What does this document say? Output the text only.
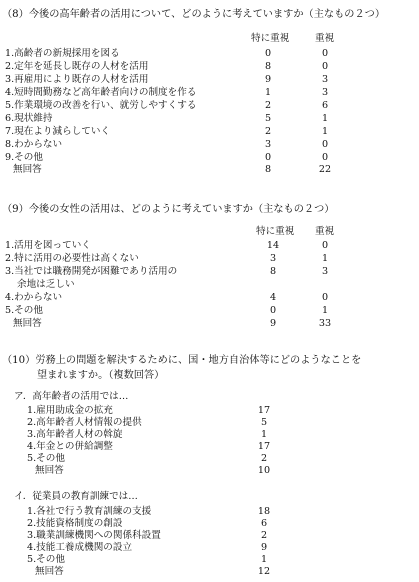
（8）今後の高年齢者の活用について、どのように考えていますか（主なもの２つ）
特に重視	重視
1.高齢者の新規採用を図る	0	0
2.定年を延長し既存の人材を活用	8	0
3.再雇用により既存の人材を活用	9	3
4.短時間勤務など高年齢者向けの制度を作る	1	3
5.作業環境の改善を行い、就労しやすくする	2	6
6.現状維持	5	1
7.現在より減らしていく	2	1
8.わからない	3	0
9.その他	0	0
無回答	8	22
（9）今後の女性の活用は、どのように考えていますか（主なもの２つ）
特に重視 重視
1.活用を図っていく	14	0
2.特に活用の必要性は高くない	3	1
3.当社では職務開発が困難であり活用の
余地は乏しい
8	3
4.わからない	4	0
5.その他	0	1
無回答	9	33
（10）労務上の問題を解決するために、国・地方自治体等にどのようなことを
望まれますか。（複数回答）
ア．高年齢者の活用では…
1.雇用助成金の拡充	17
2.高年齢者人材情報の提供	5
3.高年齢者人材の斡旋	1
4.年金との併給調整	17
5.その他	2
無回答	10
イ．従業員の教育訓練では…
1.各社で行う教育訓練の支援	18
2.技能資格制度の創設	6
3.職業訓練機関への関係科設置	2
4.技能工養成機関の設立	9
5.その他	1
無回答	12
